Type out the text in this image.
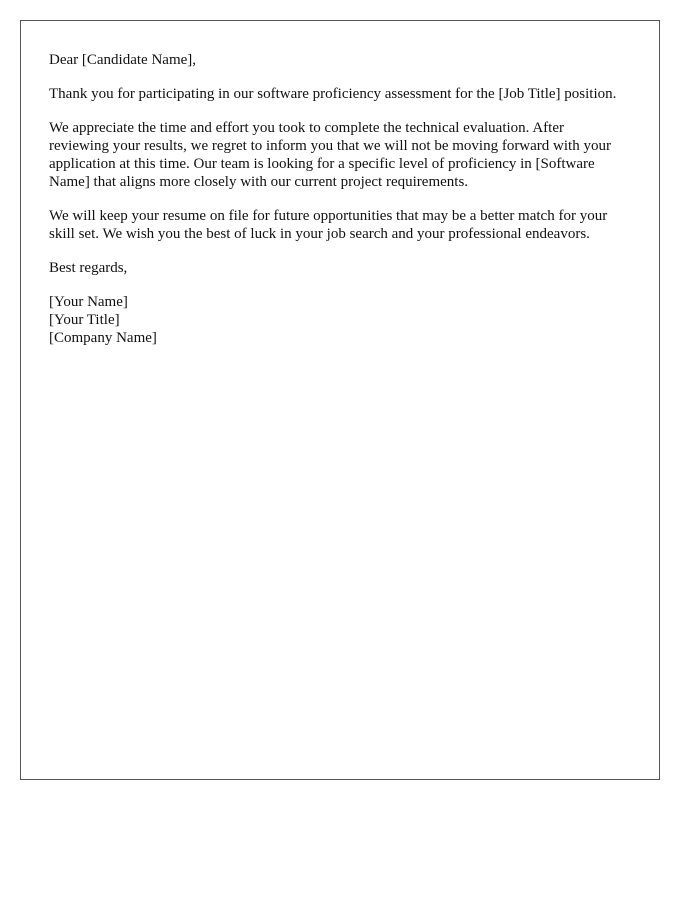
Dear [Candidate Name],

Thank you for participating in our software proficiency assessment for the [Job Title] position.

We appreciate the time and effort you took to complete the technical evaluation. After reviewing your results, we regret to inform you that we will not be moving forward with your application at this time. Our team is looking for a specific level of proficiency in [Software Name] that aligns more closely with our current project requirements.

We will keep your resume on file for future opportunities that may be a better match for your skill set. We wish you the best of luck in your job search and your professional endeavors.

Best regards,

[Your Name]
[Your Title]
[Company Name]
